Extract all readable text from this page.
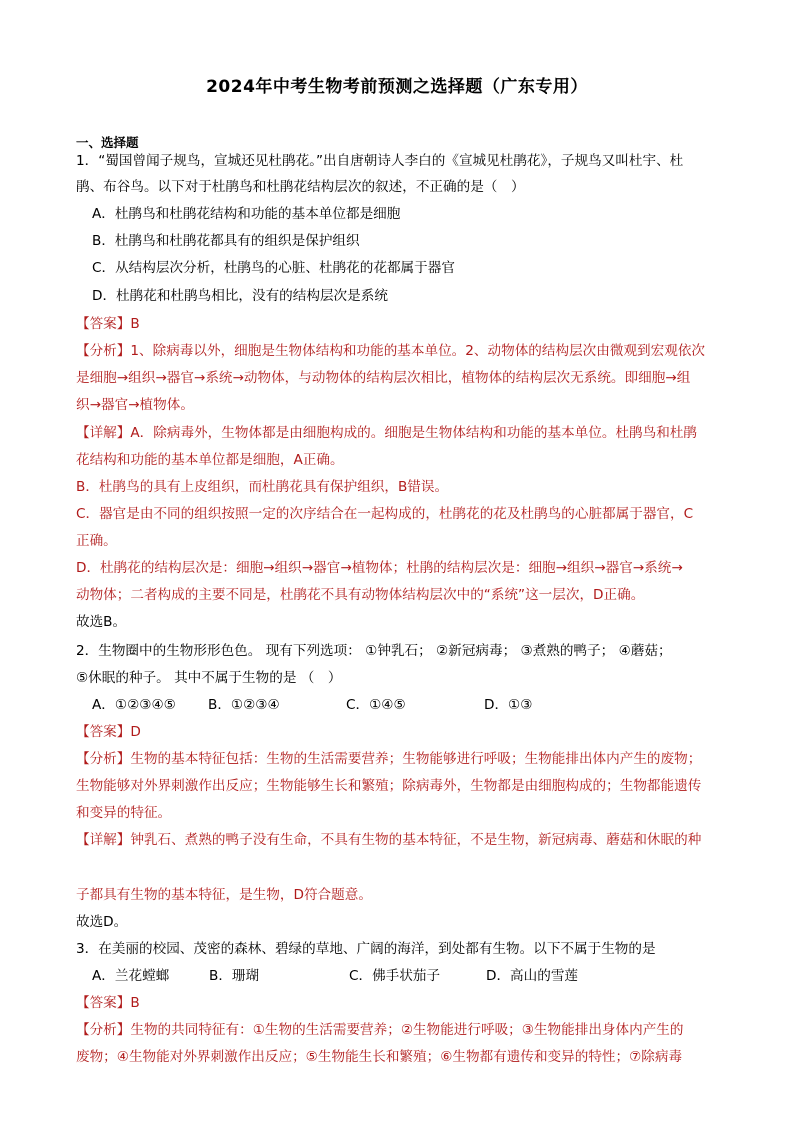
2024年中考生物考前预测之选择题（广东专用）
一、选择题
1．“蜀国曾闻子规鸟，宣城还见杜鹃花。”出自唐朝诗人李白的《宣城见杜鹃花》，子规鸟又叫杜宇、杜
鹃、布谷鸟。以下对于杜鹃鸟和杜鹃花结构层次的叙述，不正确的是（　）
A．杜鹃鸟和杜鹃花结构和功能的基本单位都是细胞
B．杜鹃鸟和杜鹃花都具有的组织是保护组织
C．从结构层次分析，杜鹃鸟的心脏、杜鹃花的花都属于器官
D．杜鹃花和杜鹃鸟相比，没有的结构层次是系统
【答案】B
【分析】1、除病毒以外，细胞是生物体结构和功能的基本单位。2、动物体的结构层次由微观到宏观依次
是细胞→组织→器官→系统→动物体，与动物体的结构层次相比，植物体的结构层次无系统。即细胞→组
织→器官→植物体。
【详解】A．除病毒外，生物体都是由细胞构成的。细胞是生物体结构和功能的基本单位。杜鹃鸟和杜鹃
花结构和功能的基本单位都是细胞，A正确。
B．杜鹃鸟的具有上皮组织，而杜鹃花具有保护组织，B错误。
C．器官是由不同的组织按照一定的次序结合在一起构成的，杜鹃花的花及杜鹃鸟的心脏都属于器官，C
正确。
D．杜鹃花的结构层次是：细胞→组织→器官→植物体；杜鹃的结构层次是：细胞→组织→器官→系统→
动物体；二者构成的主要不同是，杜鹃花不具有动物体结构层次中的“系统”这一层次，D正确。
故选B。
2．生物圈中的生物形形色色。 现有下列选项： ①钟乳石； ②新冠病毒； ③煮熟的鸭子； ④蘑菇；
⑤休眠的种子。 其中不属于生物的是 （　）
A．①②③④⑤ B．①②③④	C．①④⑤	D．①③
【答案】D
【分析】生物的基本特征包括：生物的生活需要营养；生物能够进行呼吸；生物能排出体内产生的废物；
生物能够对外界刺激作出反应；生物能够生长和繁殖；除病毒外，生物都是由细胞构成的；生物都能遗传
和变异的特征。
【详解】钟乳石、煮熟的鸭子没有生命，不具有生物的基本特征，不是生物，新冠病毒、蘑菇和休眠的种
子都具有生物的基本特征，是生物，D符合题意。
故选D。
3．在美丽的校园、茂密的森林、碧绿的草地、广阔的海洋，到处都有生物。以下不属于生物的是
A．兰花螳螂	B．珊瑚	C．佛手状茄子	D．高山的雪莲
【答案】B
【分析】生物的共同特征有：①生物的生活需要营养；②生物能进行呼吸；③生物能排出身体内产生的
废物；④生物能对外界刺激作出反应；⑤生物能生长和繁殖；⑥生物都有遗传和变异的特性；⑦除病毒
